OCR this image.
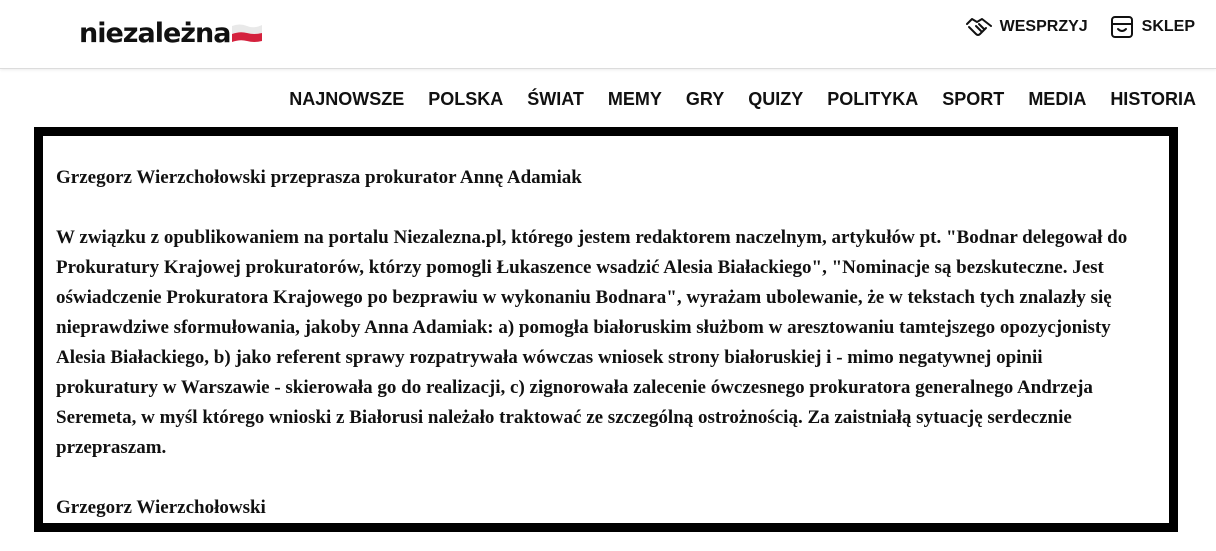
niezależna	WESPRZYJ	SKLEP
NAJNOWSZE POLSKA ŚWIAT MEMY GRY QUIZY POLITYKA SPORT MEDIA HISTORIA

Grzegorz Wierzchołowski przeprasza prokurator Annę Adamiak

W związku z opublikowaniem na portalu Niezalezna.pl, którego jestem redaktorem naczelnym, artykułów pt. "Bodnar delegował do Prokuratury Krajowej prokuratorów, którzy pomogli Łukaszence wsadzić Alesia Białackiego", "Nominacje są bezskuteczne. Jest oświadczenie Prokuratora Krajowego po bezprawiu w wykonaniu Bodnara", wyrażam ubolewanie, że w tekstach tych znalazły się nieprawdziwe sformułowania, jakoby Anna Adamiak: a) pomogła białoruskim służbom w aresztowaniu tamtejszego opozycjonisty Alesia Białackiego, b) jako referent sprawy rozpatrywała wówczas wniosek strony białoruskiej i - mimo negatywnej opinii prokuratury w Warszawie - skierowała go do realizacji, c) zignorowała zalecenie ówczesnego prokuratora generalnego Andrzeja Seremeta, w myśl którego wnioski z Białorusi należało traktować ze szczególną ostrożnością. Za zaistniałą sytuację serdecznie przepraszam.

Grzegorz Wierzchołowski
